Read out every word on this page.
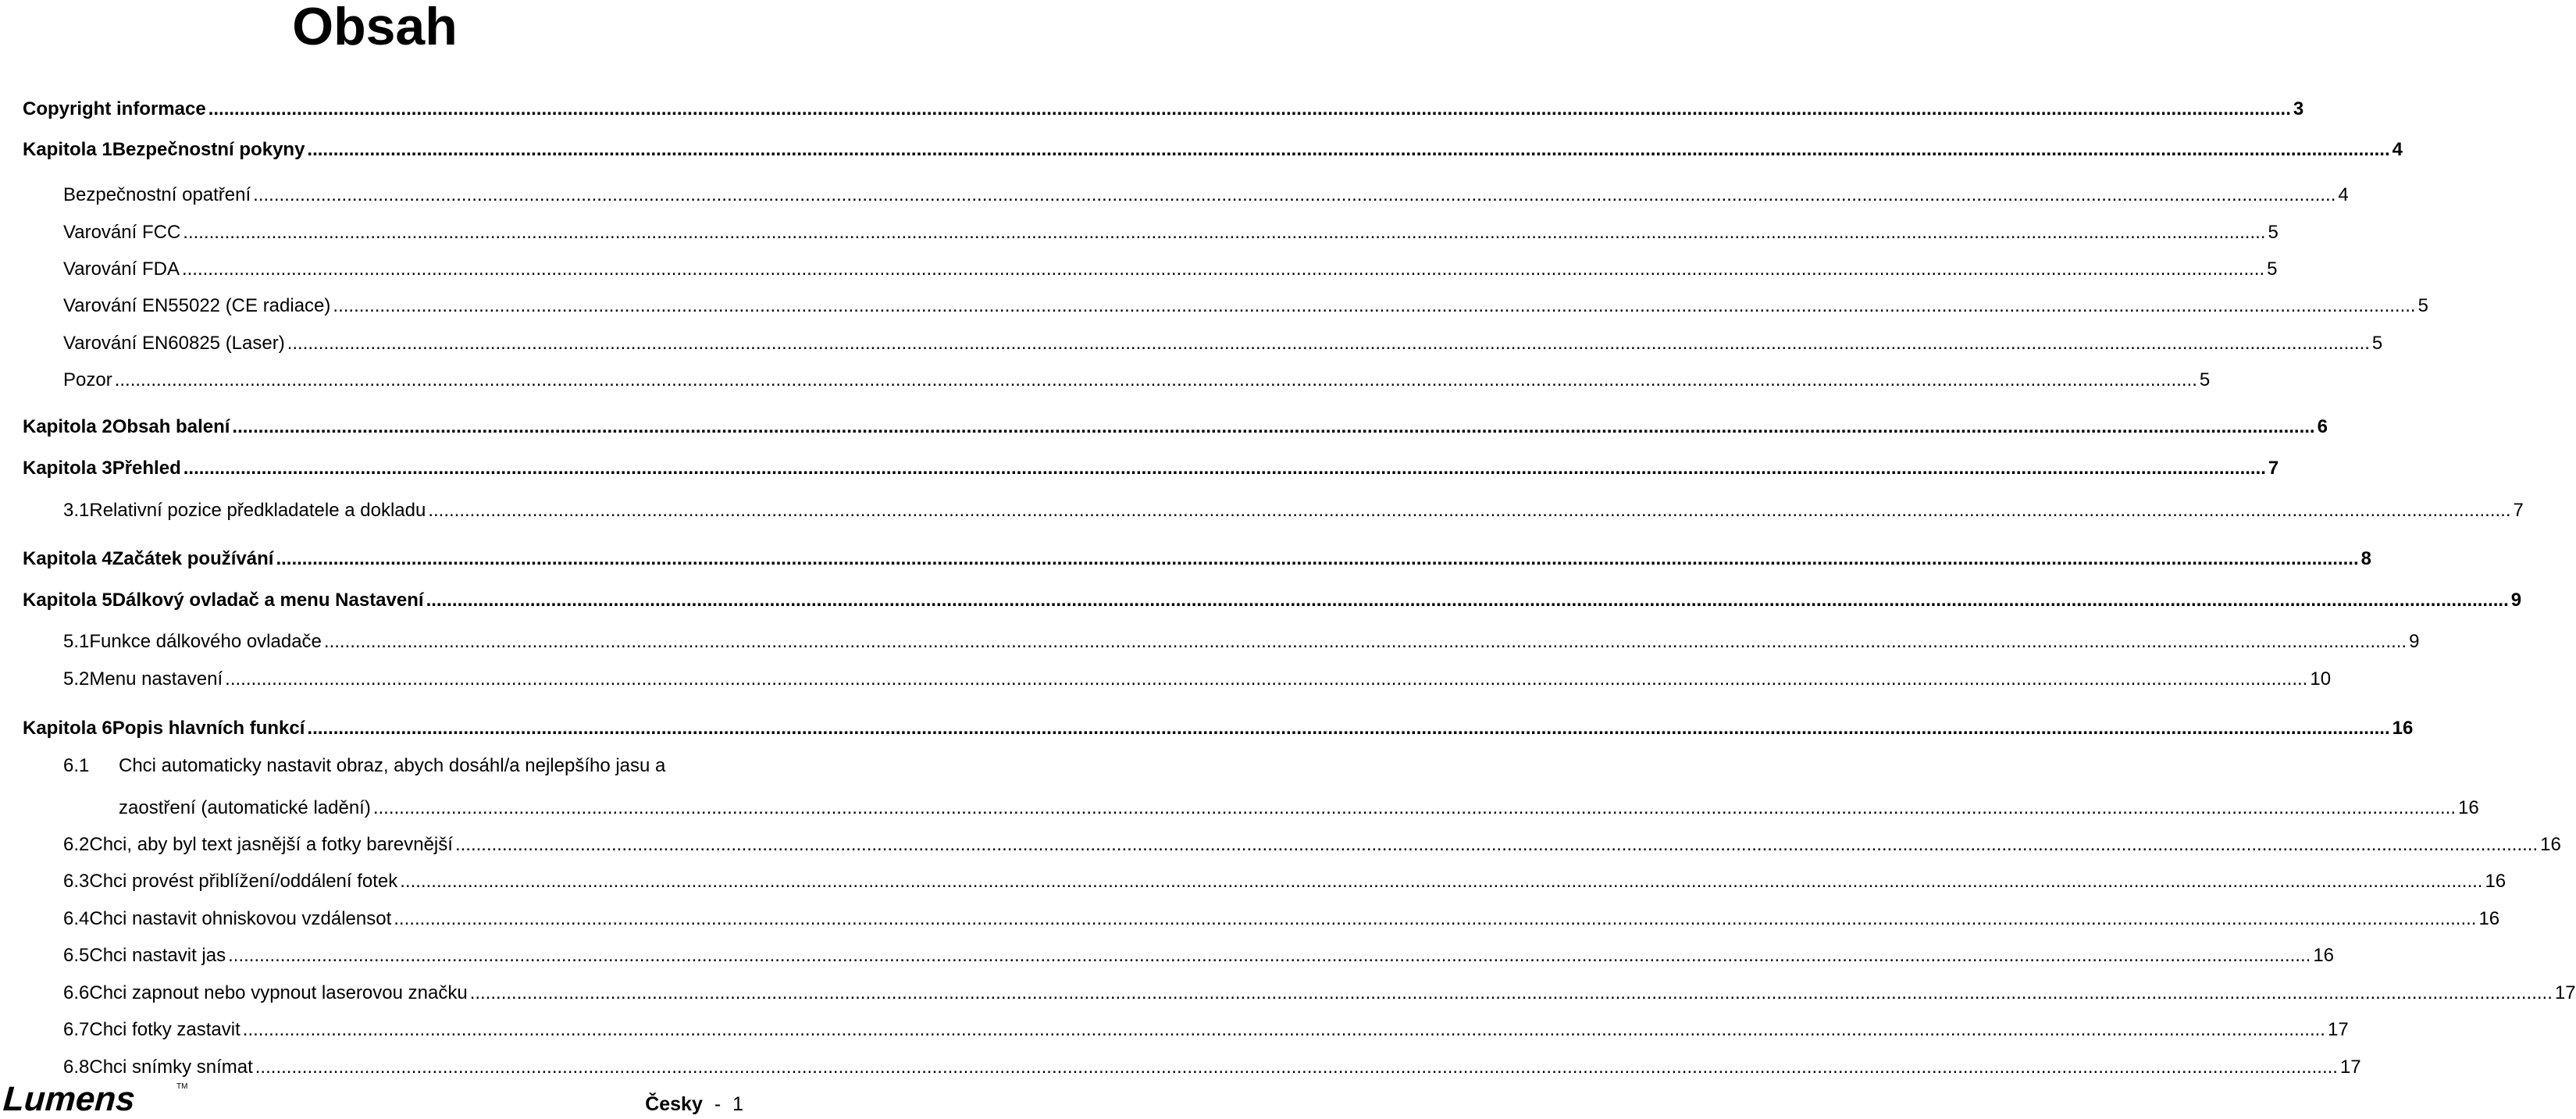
Obsah
Copyright informace ................................................................................................................................................................................................................................................................................................................................................................................................................ 3
Kapitola 1 Bezpečnostní pokyny ................................................................................................................................................................................................................................................................................................................................................................................................................ 4
Bezpečnostní opatření ................................................................................................................................................................................................................................................................................................................................................................................................................ 4
Varování FCC ................................................................................................................................................................................................................................................................................................................................................................................................................ 5
Varování FDA ................................................................................................................................................................................................................................................................................................................................................................................................................ 5
Varování EN55022 (CE radiace) ................................................................................................................................................................................................................................................................................................................................................................................................................ 5
Varování EN60825 (Laser) ................................................................................................................................................................................................................................................................................................................................................................................................................ 5
Pozor ................................................................................................................................................................................................................................................................................................................................................................................................................ 5
Kapitola 2 Obsah balení ................................................................................................................................................................................................................................................................................................................................................................................................................ 6
Kapitola 3 Přehled ................................................................................................................................................................................................................................................................................................................................................................................................................ 7
3.1 Relativní pozice předkladatele a dokladu ................................................................................................................................................................................................................................................................................................................................................................................................................ 7
Kapitola 4 Začátek používání ................................................................................................................................................................................................................................................................................................................................................................................................................ 8
Kapitola 5 Dálkový ovladač a menu Nastavení ................................................................................................................................................................................................................................................................................................................................................................................................................ 9
5.1 Funkce dálkového ovladače ................................................................................................................................................................................................................................................................................................................................................................................................................ 9
5.2 Menu nastavení ................................................................................................................................................................................................................................................................................................................................................................................................................ 10
Kapitola 6 Popis hlavních funkcí ................................................................................................................................................................................................................................................................................................................................................................................................................ 16
6.1 Chci automaticky nastavit obraz, abych dosáhl/a nejlepšího jasu a
zaostření (automatické ladění) ................................................................................................................................................................................................................................................................................................................................................................................................................ 16
6.2 Chci, aby byl text jasnější a fotky barevnější ................................................................................................................................................................................................................................................................................................................................................................................................................ 16
6.3 Chci provést přiblížení/oddálení fotek ................................................................................................................................................................................................................................................................................................................................................................................................................ 16
6.4 Chci nastavit ohniskovou vzdálensot ................................................................................................................................................................................................................................................................................................................................................................................................................ 16
6.5 Chci nastavit jas ................................................................................................................................................................................................................................................................................................................................................................................................................ 16
6.6 Chci zapnout nebo vypnout laserovou značku ................................................................................................................................................................................................................................................................................................................................................................................................................ 17
6.7 Chci fotky zastavit ................................................................................................................................................................................................................................................................................................................................................................................................................ 17
6.8 Chci snímky snímat ................................................................................................................................................................................................................................................................................................................................................................................................................ 17
Lumens	TM
Česky - 1
